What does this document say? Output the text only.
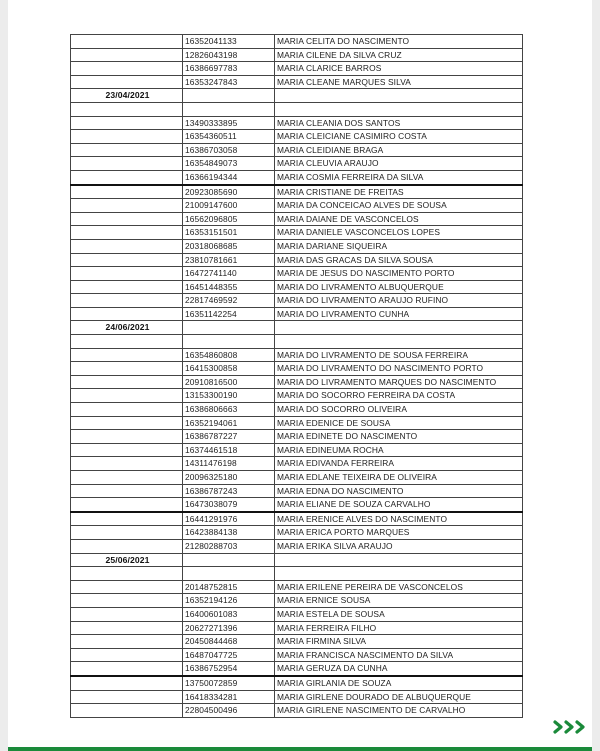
	16352041133	MARIA CELITA DO NASCIMENTO
	12826043198	MARIA CILENE DA SILVA CRUZ
	16386697783	MARIA CLARICE BARROS
	16353247843	MARIA CLEANE MARQUES SILVA
23/04/2021		

	13490333895	MARIA CLEANIA DOS SANTOS
	16354360511	MARIA CLEICIANE CASIMIRO COSTA
	16386703058	MARIA CLEIDIANE BRAGA
	16354849073	MARIA CLEUVIA ARAUJO
	16366194344	MARIA COSMIA FERREIRA DA SILVA
	20923085690	MARIA CRISTIANE DE FREITAS
	21009147600	MARIA DA CONCEICAO ALVES DE SOUSA
	16562096805	MARIA DAIANE DE VASCONCELOS
	16353151501	MARIA DANIELE VASCONCELOS LOPES
	20318068685	MARIA DARIANE SIQUEIRA
	23810781661	MARIA DAS GRACAS DA SILVA SOUSA
	16472741140	MARIA DE JESUS DO NASCIMENTO PORTO
	16451448355	MARIA DO LIVRAMENTO ALBUQUERQUE
	22817469592	MARIA DO LIVRAMENTO ARAUJO RUFINO
	16351142254	MARIA DO LIVRAMENTO CUNHA
24/06/2021		

	16354860808	MARIA DO LIVRAMENTO DE SOUSA FERREIRA
	16415300858	MARIA DO LIVRAMENTO DO NASCIMENTO PORTO
	20910816500	MARIA DO LIVRAMENTO MARQUES DO NASCIMENTO
	13153300190	MARIA DO SOCORRO FERREIRA DA COSTA
	16386806663	MARIA DO SOCORRO OLIVEIRA
	16352194061	MARIA EDENICE DE SOUSA
	16386787227	MARIA EDINETE DO NASCIMENTO
	16374461518	MARIA EDINEUMA ROCHA
	14311476198	MARIA EDIVANDA FERREIRA
	20096325180	MARIA EDLANE TEIXEIRA DE OLIVEIRA
	16386787243	MARIA EDNA DO NASCIMENTO
	16473038079	MARIA ELIANE DE SOUZA CARVALHO
	16441291976	MARIA ERENICE ALVES DO NASCIMENTO
	16423884138	MARIA ERICA PORTO MARQUES
	21280288703	MARIA ERIKA SILVA ARAUJO
25/06/2021		

	20148752815	MARIA ERILENE PEREIRA DE VASCONCELOS
	16352194126	MARIA ERNICE SOUSA
	16400601083	MARIA ESTELA DE SOUSA
	20627271396	MARIA FERREIRA FILHO
	20450844468	MARIA FIRMINA SILVA
	16487047725	MARIA FRANCISCA NASCIMENTO DA SILVA
	16386752954	MARIA GERUZA DA CUNHA
	13750072859	MARIA GIRLANIA DE SOUZA
	16418334281	MARIA GIRLENE DOURADO DE ALBUQUERQUE
	22804500496	MARIA GIRLENE NASCIMENTO DE CARVALHO
